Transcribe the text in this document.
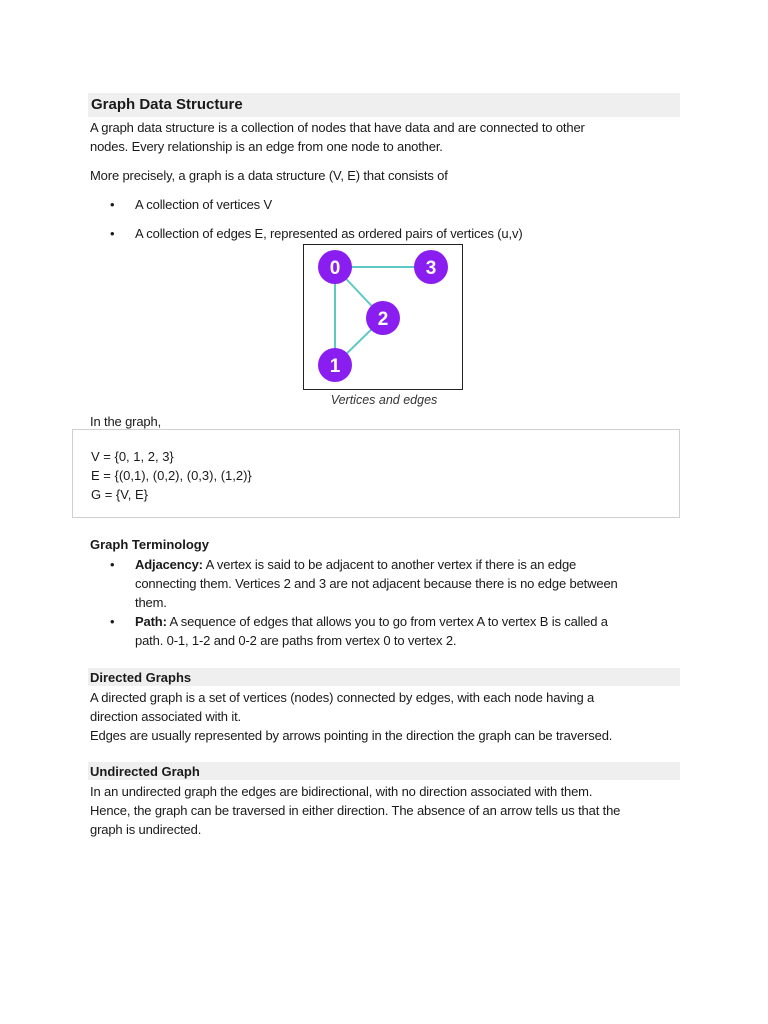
Graph Data Structure

A graph data structure is a collection of nodes that have data and are connected to other
nodes. Every relationship is an edge from one node to another.

More precisely, a graph is a data structure (V, E) that consists of

• A collection of vertices V
• A collection of edges E, represented as ordered pairs of vertices (u,v)
0	3
2
1
Vertices and edges

In the graph,

V = {0, 1, 2, 3}
E = {(0,1), (0,2), (0,3), (1,2)}
G = {V, E}
Graph Terminology
• Adjacency: A vertex is said to be adjacent to another vertex if there is an edge
connecting them. Vertices 2 and 3 are not adjacent because there is no edge between
them.
• Path: A sequence of edges that allows you to go from vertex A to vertex B is called a
path. 0-1, 1-2 and 0-2 are paths from vertex 0 to vertex 2.
Directed Graphs

A directed graph is a set of vertices (nodes) connected by edges, with each node having a
direction associated with it.
Edges are usually represented by arrows pointing in the direction the graph can be traversed.

Undirected Graph

In an undirected graph the edges are bidirectional, with no direction associated with them.
Hence, the graph can be traversed in either direction. The absence of an arrow tells us that the
graph is undirected.
